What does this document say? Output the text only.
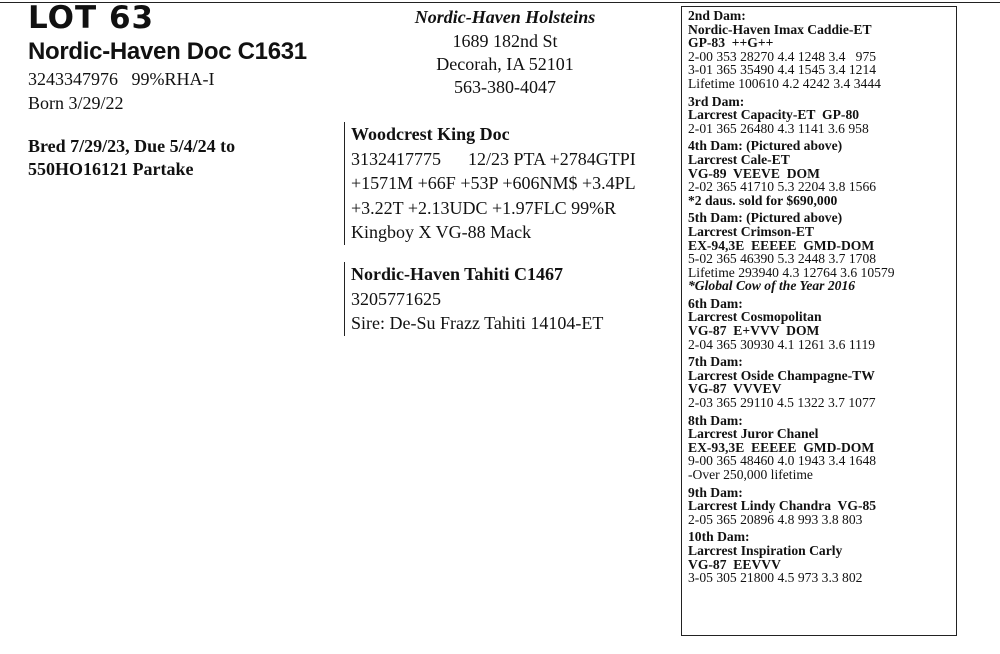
LOT 63
Nordic-Haven Doc C1631
3243347976   99%RHA-I
Born 3/29/22
Bred 7/29/23, Due 5/4/24 to
550HO16121 Partake
Nordic-Haven Holsteins
1689 182nd St
Decorah, IA 52101
563-380-4047
Woodcrest King Doc
3132417775      12/23 PTA +2784GTPI
+1571M +66F +53P +606NM$ +3.4PL
+3.22T +2.13UDC +1.97FLC 99%R
Kingboy X VG-88 Mack
Nordic-Haven Tahiti C1467
3205771625
Sire: De-Su Frazz Tahiti 14104-ET
2nd Dam:
Nordic-Haven Imax Caddie-ET
GP-83  ++G++
2-00 353 28270 4.4 1248 3.4   975
3-01 365 35490 4.4 1545 3.4 1214
Lifetime 100610 4.2 4242 3.4 3444
3rd Dam:
Larcrest Capacity-ET  GP-80
2-01 365 26480 4.3 1141 3.6 958
4th Dam: (Pictured above)
Larcrest Cale-ET
VG-89  VEEVE  DOM
2-02 365 41710 5.3 2204 3.8 1566
*2 daus. sold for $690,000
5th Dam: (Pictured above)
Larcrest Crimson-ET
EX-94,3E  EEEEE  GMD-DOM
5-02 365 46390 5.3 2448 3.7 1708
Lifetime 293940 4.3 12764 3.6 10579
*Global Cow of the Year 2016
6th Dam:
Larcrest Cosmopolitan
VG-87  E+VVV  DOM
2-04 365 30930 4.1 1261 3.6 1119
7th Dam:
Larcrest Oside Champagne-TW
VG-87  VVVEV
2-03 365 29110 4.5 1322 3.7 1077
8th Dam:
Larcrest Juror Chanel
EX-93,3E  EEEEE  GMD-DOM
9-00 365 48460 4.0 1943 3.4 1648
-Over 250,000 lifetime
9th Dam:
Larcrest Lindy Chandra  VG-85
2-05 365 20896 4.8 993 3.8 803
10th Dam:
Larcrest Inspiration Carly
VG-87  EEVVV
3-05 305 21800 4.5 973 3.3 802
